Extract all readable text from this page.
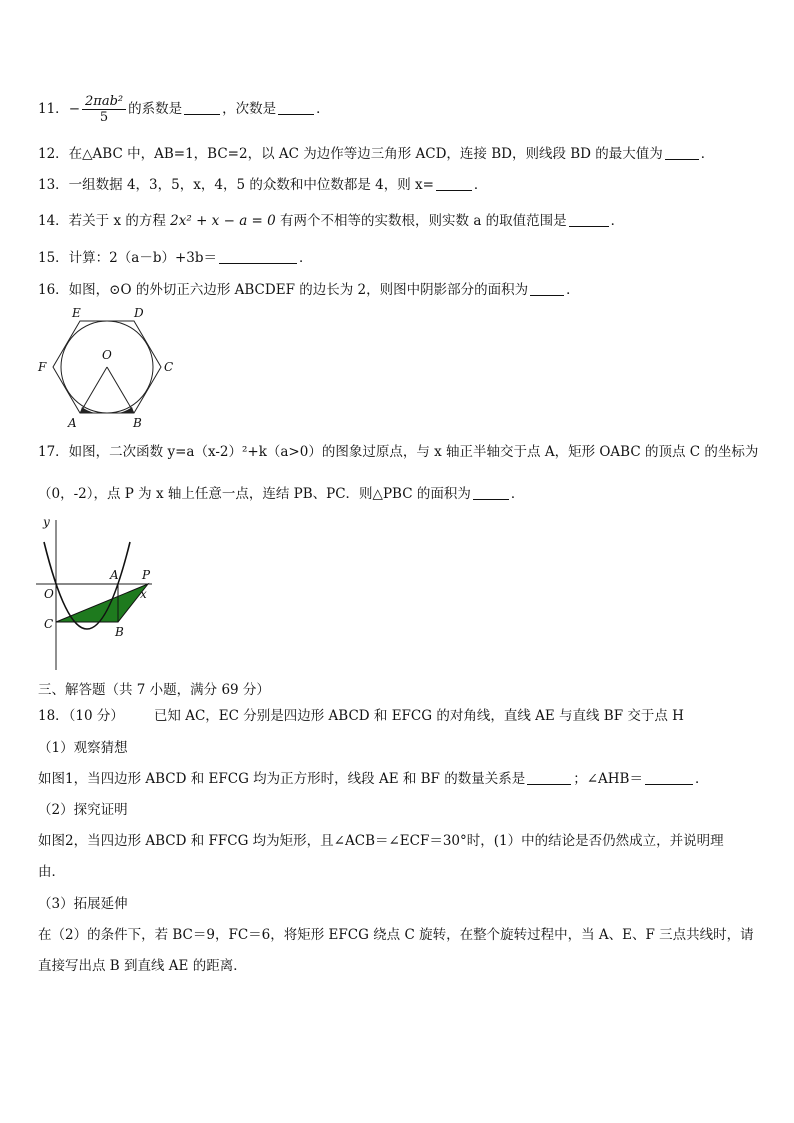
11．− $\frac{\text{2πab²}}{5}$ 的系数是	，次数是	．
12．在△ABC 中，AB=1，BC=2，以 AC 为边作等边三角形 ACD，连接 BD，则线段 BD 的最大值为	．
13．一组数据 4，3，5，x，4，5 的众数和中位数都是 4，则 x=	．
14．若关于 x 的方程 2x² + x − a = 0 有两个不相等的实数根，则实数 a 的取值范围是	．
15．计算：2（a－b）+3b＝	．
16．如图，⊙O 的外切正六边形 ABCDEF 的边长为 2，则图中阴影部分的面积为	．
E	D
F	C
O
A	B
17．如图，二次函数 y=a（x-2）²+k（a>0）的图象过原点，与 x 轴正半轴交于点 A，矩形 OABC 的顶点 C 的坐标为
（0，-2），点 P 为 x 轴上任意一点，连结 PB、PC．则△PBC 的面积为	．
y
O
A P
x
C
B
三、解答题（共 7 小题，满分 69 分）
18．（10 分） 已知 AC，EC 分别是四边形 ABCD 和 EFCG 的对角线，直线 AE 与直线 BF 交于点 H
（1）观察猜想
如图1，当四边形 ABCD 和 EFCG 均为正方形时，线段 AE 和 BF 的数量关系是	；∠AHB＝	．
（2）探究证明
如图2，当四边形 ABCD 和 FFCG 均为矩形，且∠ACB＝∠ECF＝30°时，(1）中的结论是否仍然成立，并说明理
由．
（3）拓展延伸
在（2）的条件下，若 BC＝9，FC＝6，将矩形 EFCG 绕点 C 旋转，在整个旋转过程中，当 A、E、F 三点共线时，请
直接写出点 B 到直线 AE 的距离．
